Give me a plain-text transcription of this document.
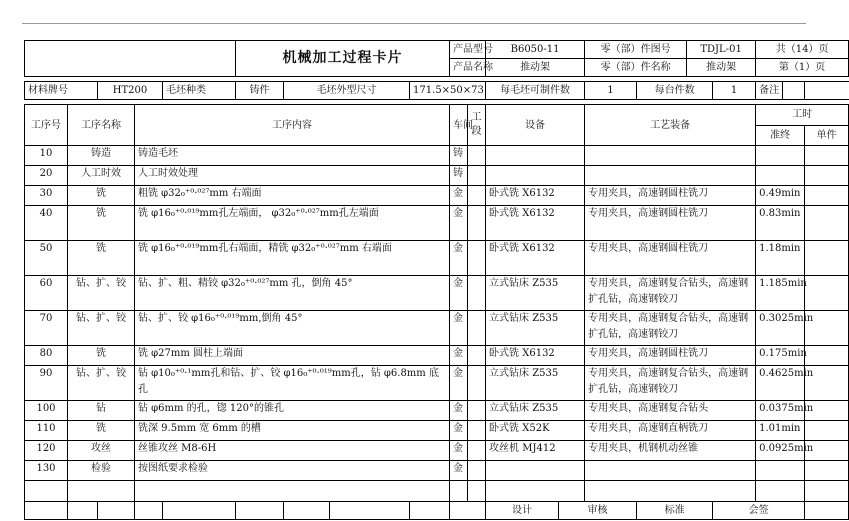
					机械加工过程卡片				产品型号		B6050-11		零（部）件图号		TDJL-01		共（14）页		
									产品名称		推动架		零（部）件名称		推动架		第（1）页		

材料牌号		HT200		毛坯种类	铸件	毛坯外型尺寸		171.5×50×73			每毛坯可制件数		1	每台件数		1	备注		

工序号	工序名称		工序内容						车间	工段	设备		工艺装备				工时		
																	准终		单件
10	铸造		铸造毛坯						铸										
20	人工时效		人工时效处理						铸										
30	铣		粗铣 φ32₀⁺⁰·⁰²⁷mm 右端面						金		卧式铣 X6132		专用夹具，高速钢圆柱铣刀				0.49min		
40	铣		铣 φ16₀⁺⁰·⁰¹⁹mm孔左端面， φ32₀⁺⁰·⁰²⁷mm孔左端面						金		卧式铣 X6132		专用夹具，高速钢圆柱铣刀				0.83min		
50	铣		铣 φ16₀⁺⁰·⁰¹⁹mm孔右端面，精铣 φ32₀⁺⁰·⁰²⁷mm 右端面						金		卧式铣 X6132		专用夹具，高速钢圆柱铣刀				1.18min		
60	钻、扩、铰		钻、扩、粗、精铰 φ32₀⁺⁰·⁰²⁷mm 孔，倒角 45°						金		立式钻床 Z535		专用夹具，高速钢复合钻头，高速钢扩孔钻，高速钢铰刀				1.185min		
70	钻、扩、铰		钻、扩、铰 φ16₀⁺⁰·⁰¹⁹mm,倒角 45°						金		立式钻床 Z535		专用夹具，高速钢复合钻头，高速钢扩孔钻，高速钢铰刀				0.3025min		
80	铣		铣 φ27mm 圆柱上端面						金		卧式铣 X6132		专用夹具，高速钢圆柱铣刀				0.175min		
90	钻、扩、铰		钻 φ10₀⁺⁰·¹mm孔和钻、扩、铰 φ16₀⁺⁰·⁰¹⁹mm孔，钻 φ6.8mm 底孔						金		立式钻床 Z535		专用夹具，高速钢复合钻头，高速钢扩孔钻，高速钢铰刀				0.4625min		
100	钻		钻 φ6mm 的孔，锪 120°的锥孔						金		立式钻床 Z535		专用夹具，高速钢复合钻头				0.0375min		
110	铣		铣深 9.5mm 宽 6mm 的槽						金		卧式铣 X52K		专用夹具，高速钢直柄铣刀				1.01min		
120	攻丝		丝锥攻丝 M8-6H						金		攻丝机 MJ412		专用夹具，机钢机动丝锥				0.0925min		
130	检验		按图纸要求检验						金										

											设计	审核		标准		会签			
